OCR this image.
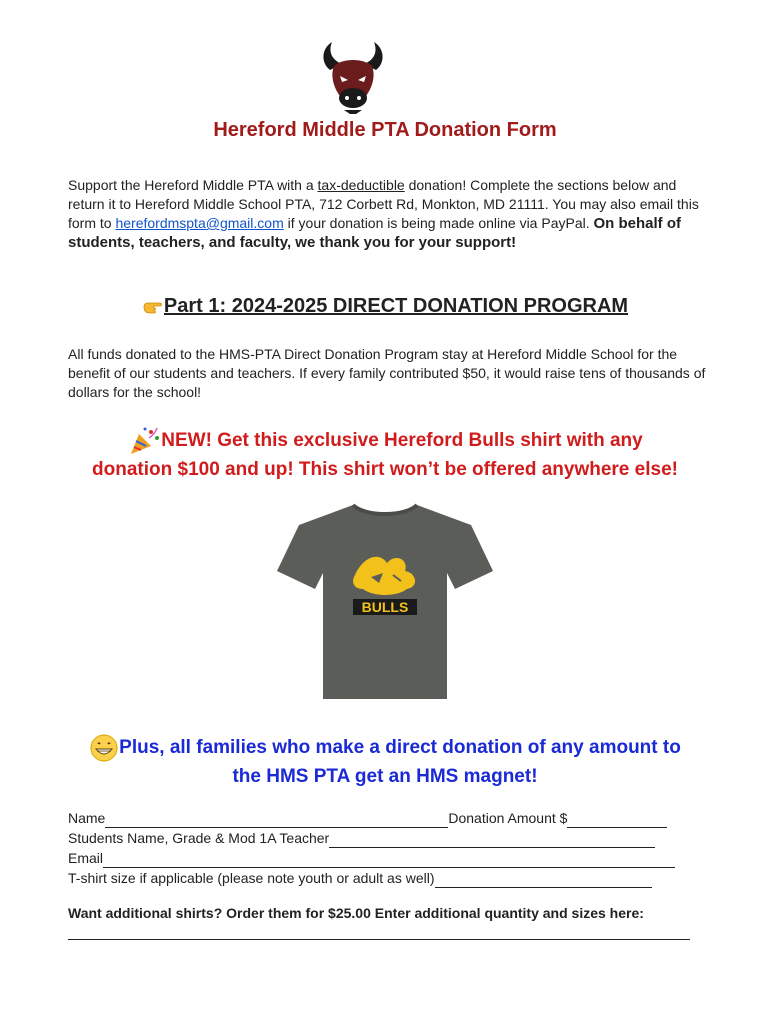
Hereford Middle PTA Donation Form
Support the Hereford Middle PTA with a tax-deductible donation! Complete the sections below and return it to Hereford Middle School PTA, 712 Corbett Rd, Monkton, MD 21111. You may also email this form to herefordmspta@gmail.com if your donation is being made online via PayPal. On behalf of students, teachers, and faculty, we thank you for your support!
Part 1: 2024-2025 DIRECT DONATION PROGRAM
All funds donated to the HMS-PTA Direct Donation Program stay at Hereford Middle School for the benefit of our students and teachers. If every family contributed $50, it would raise tens of thousands of dollars for the school!
NEW! Get this exclusive Hereford Bulls shirt with any
donation $100 and up! This shirt won’t be offered anywhere else!
BULLS
Plus, all families who make a direct donation of any amount to
the HMS PTA get an HMS magnet!
Name	Donation Amount $
Students Name, Grade & Mod 1A Teacher
Email
T-shirt size if applicable (please note youth or adult as well)
Want additional shirts? Order them for $25.00 Enter additional quantity and sizes here:
